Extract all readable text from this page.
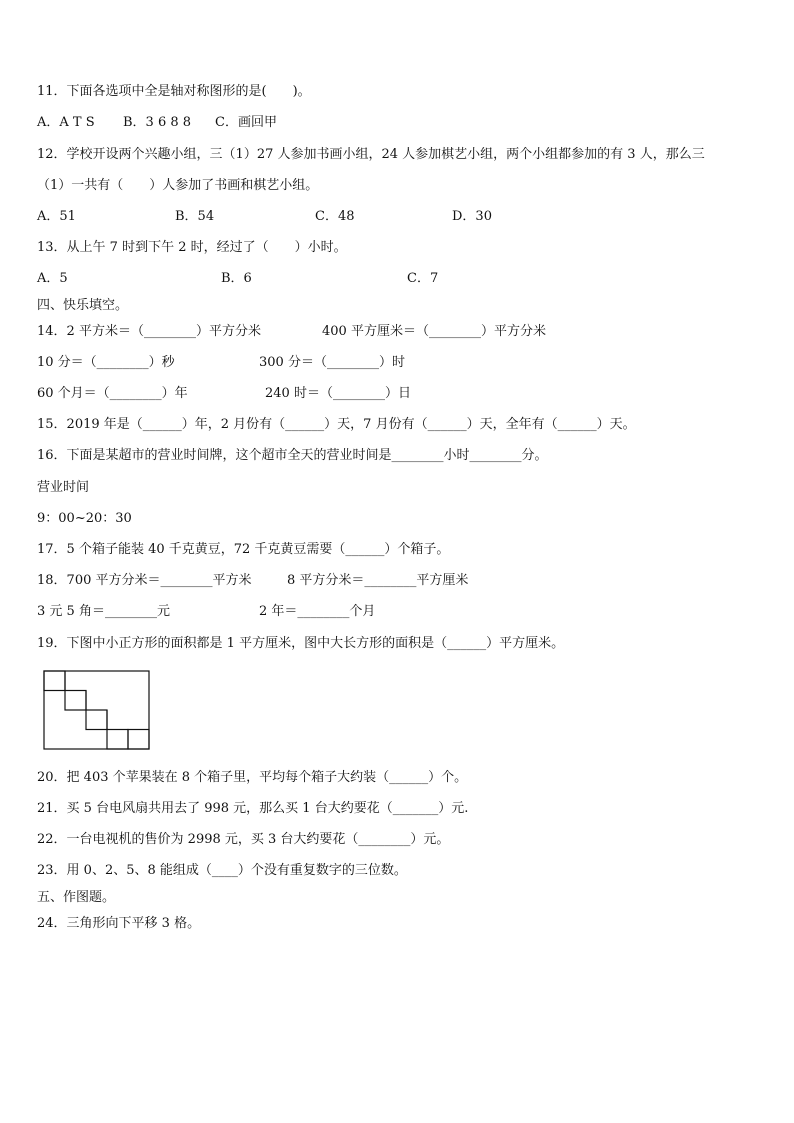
11．下面各选项中全是轴对称图形的是(　　)。

A．A T S

B．3 6 8 8

C．画回甲

12．学校开设两个兴趣小组，三（1）27 人参加书画小组，24 人参加棋艺小组，两个小组都参加的有 3 人，那么三
（1）一共有（　　）人参加了书画和棋艺小组。

A．51

	B．54

	C．48

	D．30

13．从上午 7 时到下午 2 时，经过了（　　）小时。

A．5

	B．6

	C．7

四、快乐填空。

14．2 平方米＝（________）平方分米

	400 平方厘米＝（________）平方分米

10 分＝（________）秒

	300 分＝（________）时

60 个月＝（________）年

	240 时＝（________）日

15．2019 年是（______）年，2 月份有（______）天，7 月份有（______）天，全年有（______）天。
16．下面是某超市的营业时间牌，这个超市全天的营业时间是________小时________分。
营业时间
9：00~20：30
17．5 个箱子能装 40 千克黄豆，72 千克黄豆需要（______）个箱子。

18．700 平方分米＝________平方米

	8 平方分米＝________平方厘米

3 元 5 角＝________元

	2 年＝________个月

19．下图中小正方形的面积都是 1 平方厘米，图中大长方形的面积是（______）平方厘米。
20．把 403 个苹果装在 8 个箱子里，平均每个箱子大约装（______）个。
21．买 5 台电风扇共用去了 998 元，那么买 1 台大约要花（_______）元.
22．一台电视机的售价为 2998 元，买 3 台大约要花（________）元。
23．用 0、2、5、8 能组成（____）个没有重复数字的三位数。
五、作图题。
24．三角形向下平移 3 格。
